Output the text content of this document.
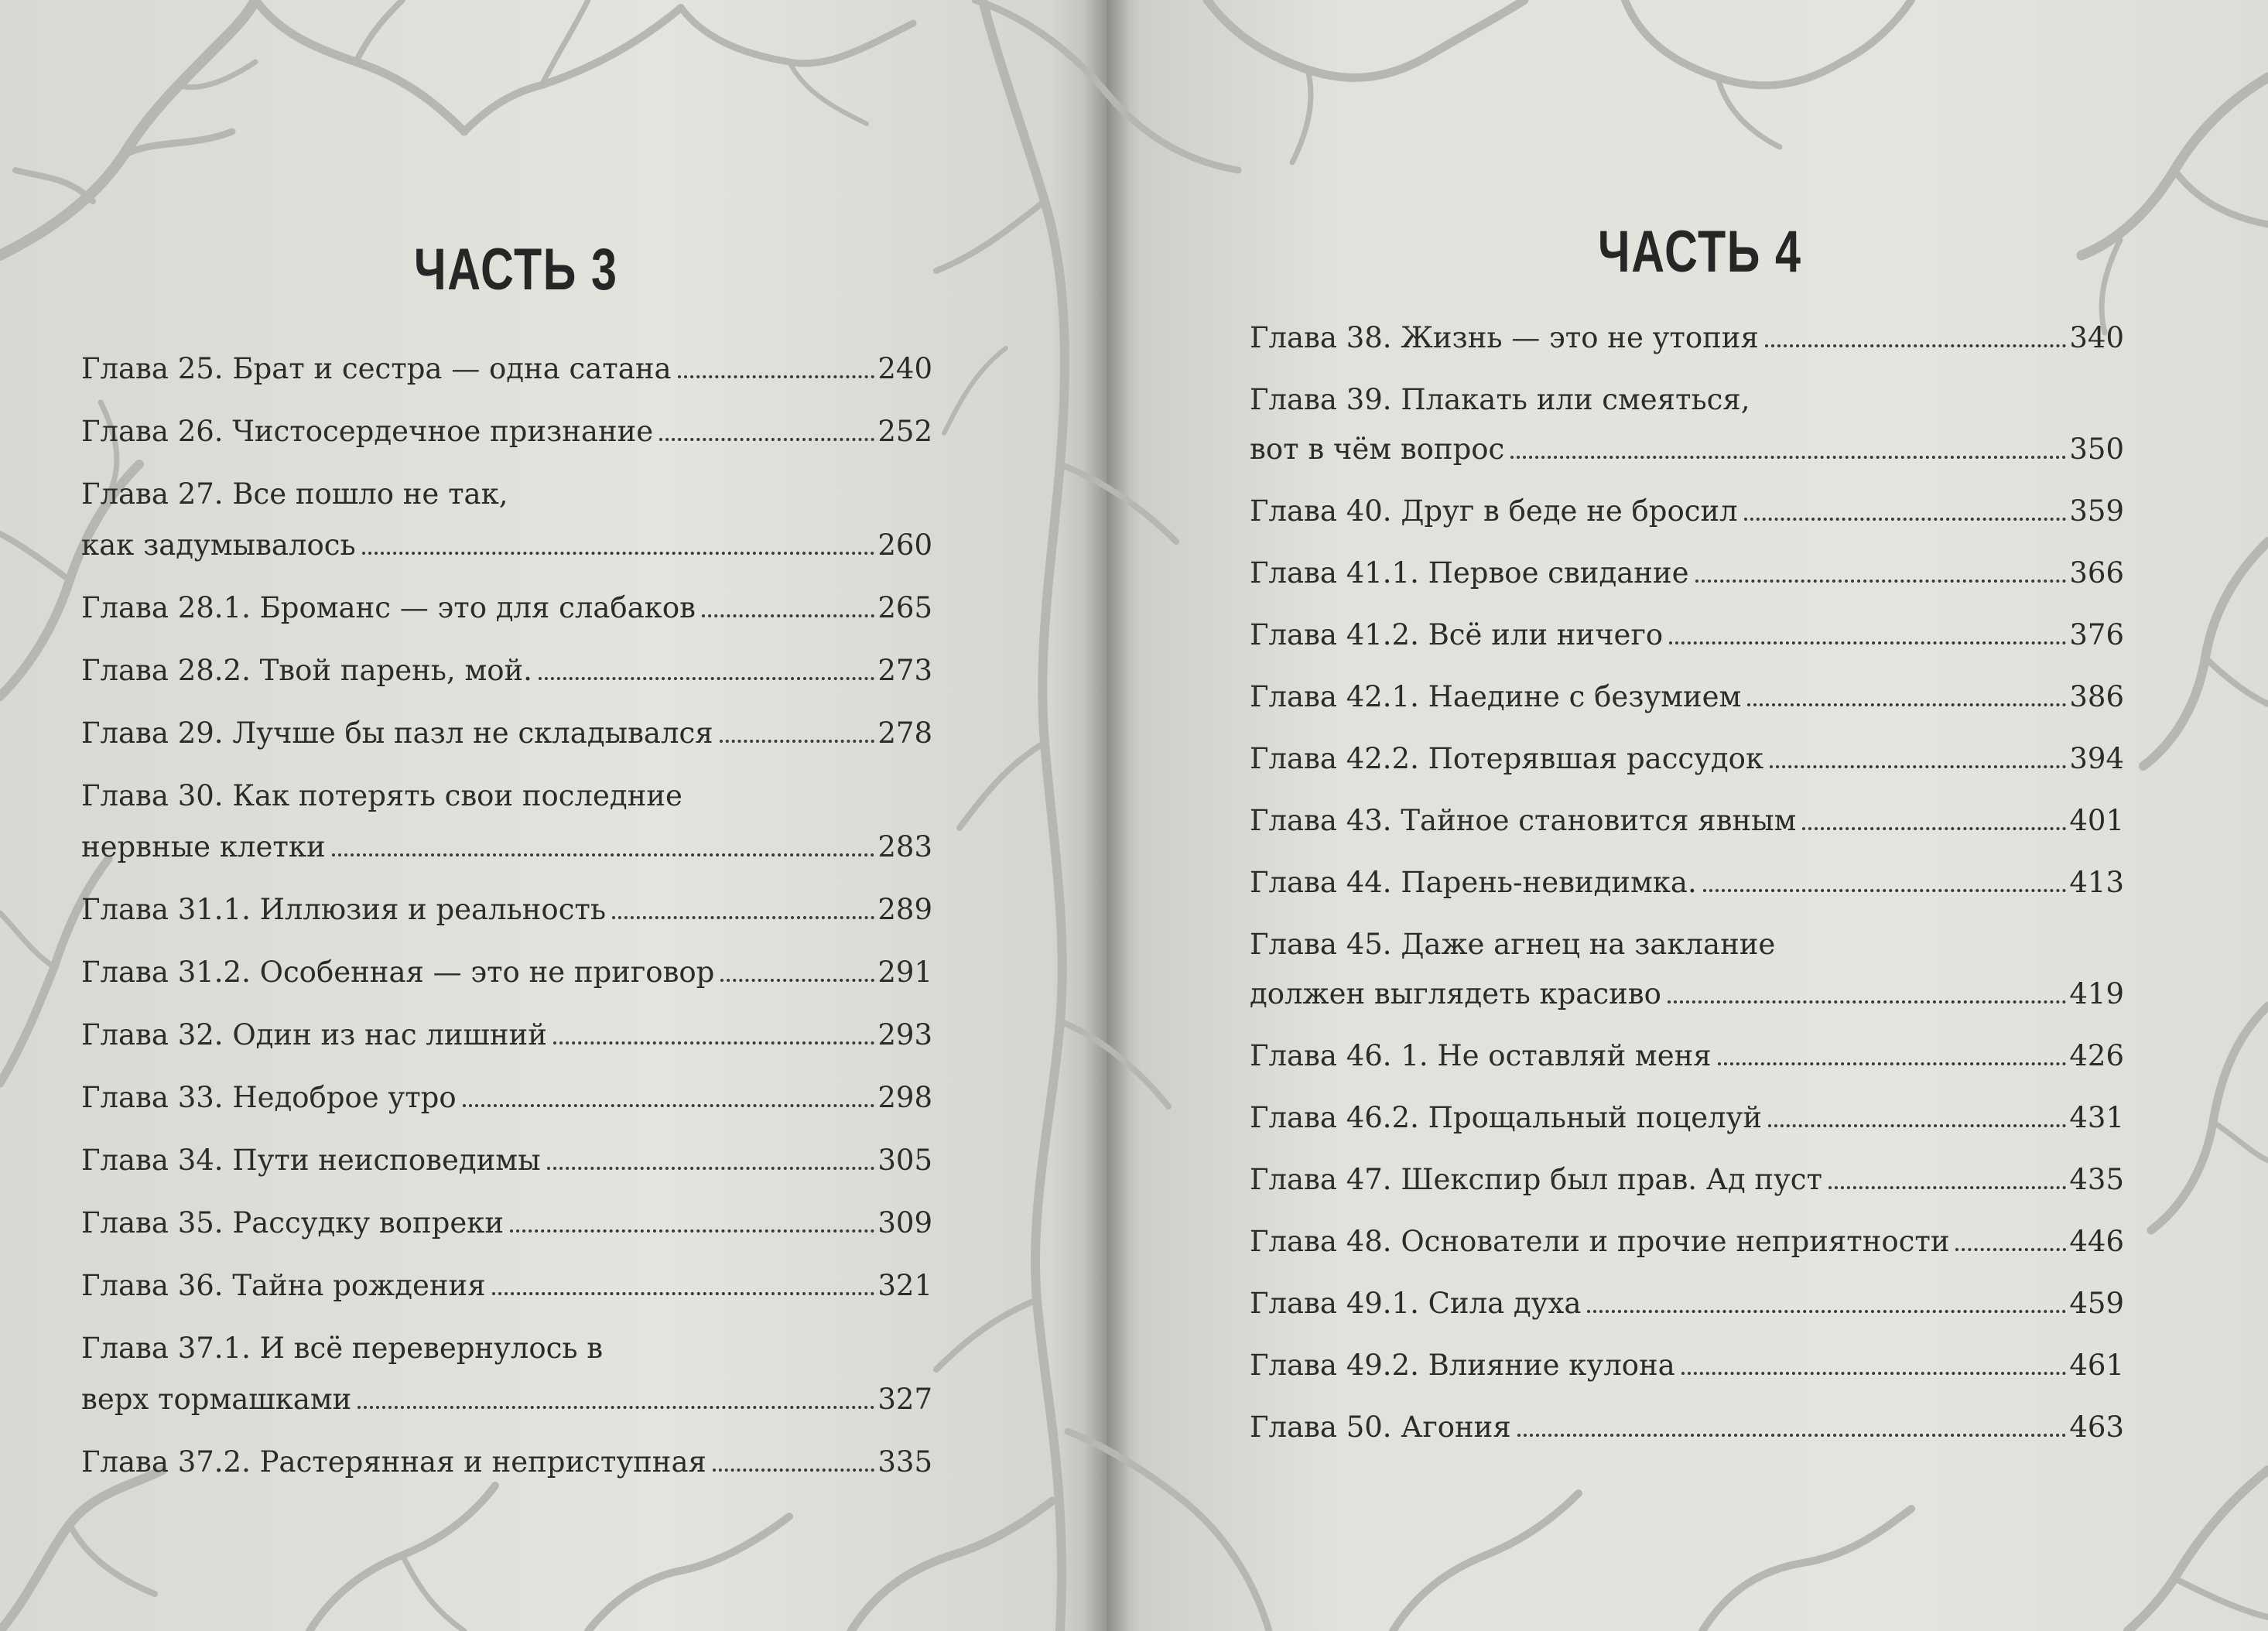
ЧАСТЬ 3
Глава 25. Брат и сестра — одна сатана	240
Глава 26. Чистосердечное признание	252
Глава 27. Все пошло не так,
как задумывалось	260
Глава 28.1. Броманс — это для слабаков	265
Глава 28.2. Твой парень, мой.	273
Глава 29. Лучше бы пазл не складывался	278
Глава 30. Как потерять свои последние
нервные клетки	283
Глава 31.1. Иллюзия и реальность	289
Глава 31.2. Особенная — это не приговор	291
Глава 32. Один из нас лишний	293
Глава 33. Недоброе утро	298
Глава 34. Пути неисповедимы	305
Глава 35. Рассудку вопреки	309
Глава 36. Тайна рождения	321
Глава 37.1. И всё перевернулось в
верх тормашками	327
Глава 37.2. Растерянная и неприступная	335
ЧАСТЬ 4
Глава 38. Жизнь — это не утопия	340
Глава 39. Плакать или смеяться,
вот в чём вопрос	350
Глава 40. Друг в беде не бросил	359
Глава 41.1. Первое свидание	366
Глава 41.2. Всё или ничего	376
Глава 42.1. Наедине с безумием	386
Глава 42.2. Потерявшая рассудок	394
Глава 43. Тайное становится явным	401
Глава 44. Парень-невидимка.	413
Глава 45. Даже агнец на заклание
должен выглядеть красиво	419
Глава 46. 1. Не оставляй меня	426
Глава 46.2. Прощальный поцелуй	431
Глава 47. Шекспир был прав. Ад пуст	435
Глава 48. Основатели и прочие неприятности	446
Глава 49.1. Сила духа	459
Глава 49.2. Влияние кулона	461
Глава 50. Агония	463
